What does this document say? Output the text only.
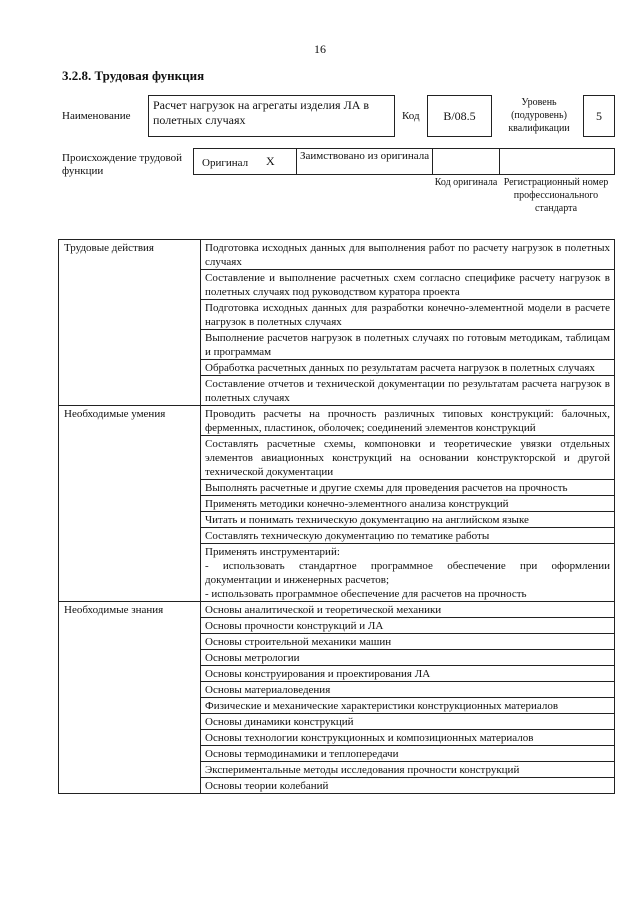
16
3.2.8. Трудовая функция
Наименование
Расчет нагрузок на агрегаты изделия ЛА в полетных случаях	Код	B/08.5
Уровень (подуровень) квалификации
5
Происхождение трудовой функции
Оригинал X Заимствовано из оригинала
Код оригинала Регистрационный номер профессионального стандарта
Трудовые действия	Подготовка исходных данных для выполнения работ по расчету нагрузок в полетных случаях
	Составление и выполнение расчетных схем согласно специфике расчету нагрузок в полетных случаях под руководством куратора проекта
	Подготовка исходных данных для разработки конечно-элементной модели в расчете нагрузок в полетных случаях
	Выполнение расчетов нагрузок в полетных случаях по готовым методикам, таблицам и программам
	Обработка расчетных данных по результатам расчета нагрузок в полетных случаях
	Составление отчетов и технической документации по результатам расчета нагрузок в полетных случаях
Необходимые умения	Проводить расчеты на прочность различных типовых конструкций: балочных, ферменных, пластинок, оболочек; соединений элементов конструкций
	Составлять расчетные схемы, компоновки и теоретические увязки отдельных элементов авиационных конструкций на основании конструкторской и другой технической документации
	Выполнять расчетные и другие схемы для проведения расчетов на прочность
	Применять методики конечно-элементного анализа конструкций
	Читать и понимать техническую документацию на английском языке
	Составлять техническую документацию по тематике работы
	Применять инструментарий:
- использовать стандартное программное обеспечение при оформлении документации и инженерных расчетов;
- использовать программное обеспечение для расчетов на прочность
Необходимые знания	Основы аналитической и теоретической механики
	Основы прочности конструкций и ЛА
	Основы строительной механики машин
	Основы метрологии
	Основы конструирования и проектирования ЛА
	Основы материаловедения
	Физические и механические характеристики конструкционных материалов
	Основы динамики конструкций
	Основы технологии конструкционных и композиционных материалов
	Основы термодинамики и теплопередачи
	Экспериментальные методы исследования прочности конструкций
	Основы теории колебаний
